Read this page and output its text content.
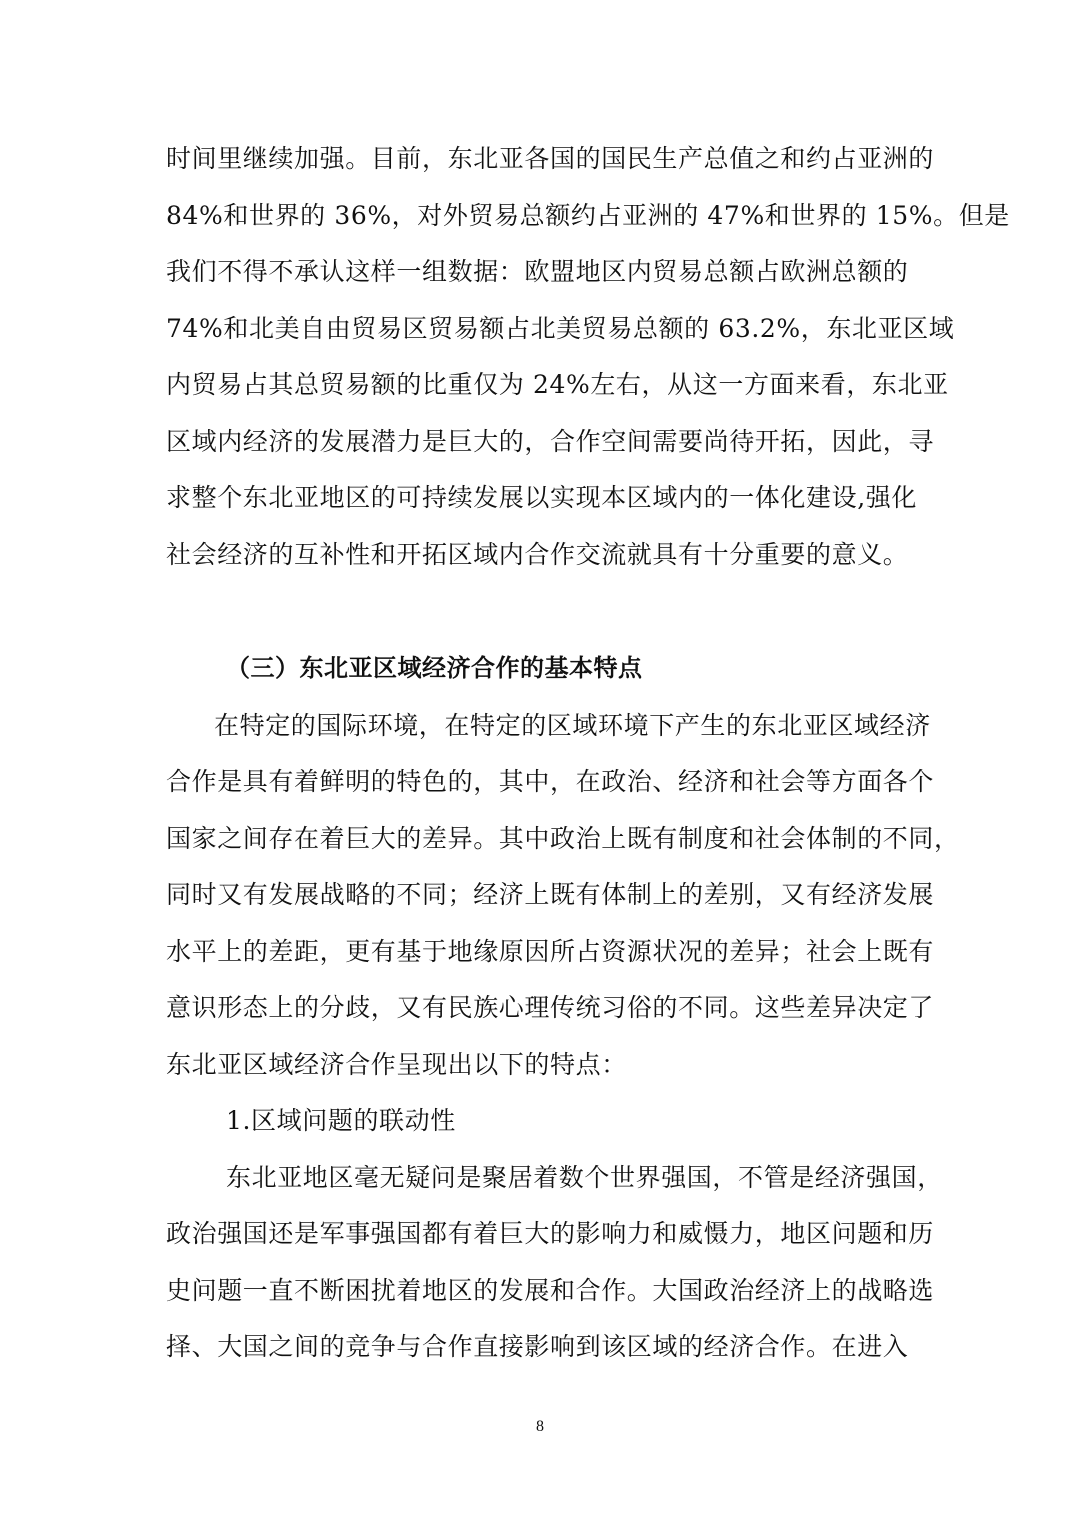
时间里继续加强。目前，东北亚各国的国民生产总值之和约占亚洲的
84%和世界的 36%，对外贸易总额约占亚洲的 47%和世界的 15%。但是
我们不得不承认这样一组数据：欧盟地区内贸易总额占欧洲总额的
74%和北美自由贸易区贸易额占北美贸易总额的 63.2%，东北亚区域
内贸易占其总贸易额的比重仅为 24%左右，从这一方面来看，东北亚
区域内经济的发展潜力是巨大的，合作空间需要尚待开拓，因此，寻
求整个东北亚地区的可持续发展以实现本区域内的一体化建设,强化
社会经济的互补性和开拓区域内合作交流就具有十分重要的意义。
（三）东北亚区域经济合作的基本特点
在特定的国际环境，在特定的区域环境下产生的东北亚区域经济
合作是具有着鲜明的特色的，其中，在政治、经济和社会等方面各个
国家之间存在着巨大的差异。其中政治上既有制度和社会体制的不同，
同时又有发展战略的不同；经济上既有体制上的差别，又有经济发展
水平上的差距，更有基于地缘原因所占资源状况的差异；社会上既有
意识形态上的分歧，又有民族心理传统习俗的不同。这些差异决定了
东北亚区域经济合作呈现出以下的特点：
1.区域问题的联动性
东北亚地区毫无疑问是聚居着数个世界强国，不管是经济强国，
政治强国还是军事强国都有着巨大的影响力和威慑力，地区问题和历
史问题一直不断困扰着地区的发展和合作。大国政治经济上的战略选
择、大国之间的竞争与合作直接影响到该区域的经济合作。在进入
8
